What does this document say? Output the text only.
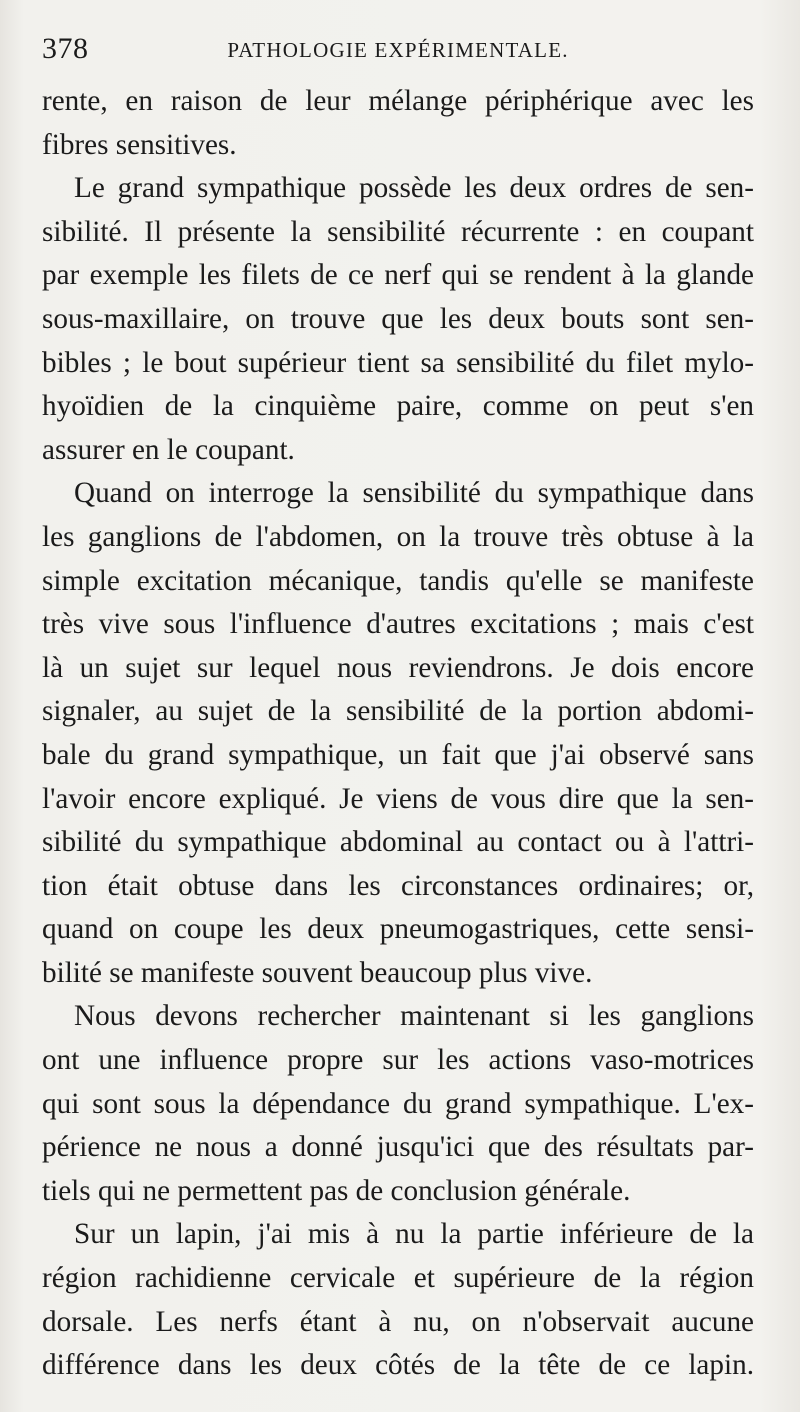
378	PATHOLOGIE EXPÉRIMENTALE.

rente, en raison de leur mélange périphérique avec les

fibres sensitives.

Le grand sympathique possède les deux ordres de sen-

sibilité. Il présente la sensibilité récurrente : en coupant

par exemple les filets de ce nerf qui se rendent à la glande

sous-maxillaire, on trouve que les deux bouts sont sen-

bibles ; le bout supérieur tient sa sensibilité du filet mylo-

hyoïdien de la cinquième paire, comme on peut s'en

assurer en le coupant.

Quand on interroge la sensibilité du sympathique dans

les ganglions de l'abdomen, on la trouve très obtuse à la

simple excitation mécanique, tandis qu'elle se manifeste

très vive sous l'influence d'autres excitations ; mais c'est

là un sujet sur lequel nous reviendrons. Je dois encore

signaler, au sujet de la sensibilité de la portion abdomi-

bale du grand sympathique, un fait que j'ai observé sans

l'avoir encore expliqué. Je viens de vous dire que la sen-

sibilité du sympathique abdominal au contact ou à l'attri-

tion était obtuse dans les circonstances ordinaires; or,

quand on coupe les deux pneumogastriques, cette sensi-

bilité se manifeste souvent beaucoup plus vive.

Nous devons rechercher maintenant si les ganglions

ont une influence propre sur les actions vaso-motrices

qui sont sous la dépendance du grand sympathique. L'ex-

périence ne nous a donné jusqu'ici que des résultats par-

tiels qui ne permettent pas de conclusion générale.

Sur un lapin, j'ai mis à nu la partie inférieure de la

région rachidienne cervicale et supérieure de la région

dorsale. Les nerfs étant à nu, on n'observait aucune

différence dans les deux côtés de la tête de ce lapin.
